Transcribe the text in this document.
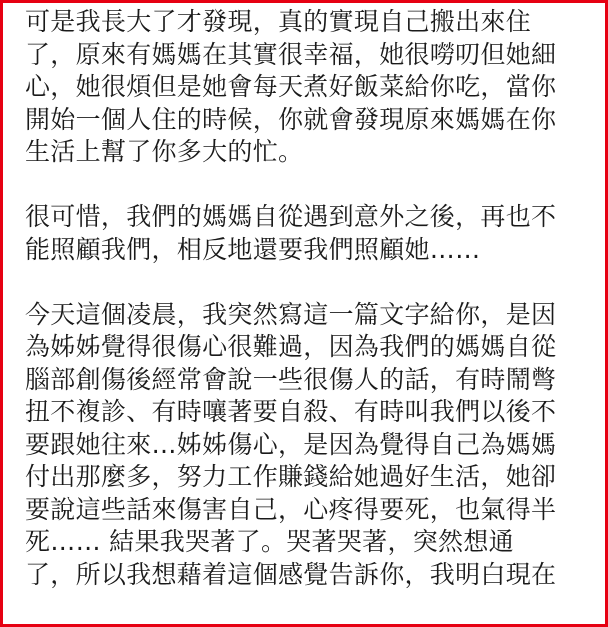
可是我長大了才發現，真的實現自己搬出來住
了，原來有媽媽在其實很幸福，她很嘮叨但她細
心，她很煩但是她會每天煮好飯菜給你吃，當你
開始一個人住的時候，你就會發現原來媽媽在你
生活上幫了你多大的忙。
很可惜，我們的媽媽自從遇到意外之後，再也不
能照顧我們，相反地還要我們照顧她……
今天這個凌晨，我突然寫這一篇文字給你，是因
為姊姊覺得很傷心很難過，因為我們的媽媽自從
腦部創傷後經常會說一些很傷人的話，有時鬧彆
扭不複診、有時嚷著要自殺、有時叫我們以後不
要跟她往來…姊姊傷心，是因為覺得自己為媽媽
付出那麼多，努力工作賺錢給她過好生活，她卻
要說這些話來傷害自己，心疼得要死，也氣得半
死…… 結果我哭著了。哭著哭著，突然想通
了，所以我想藉着這個感覺告訴你，我明白現在
